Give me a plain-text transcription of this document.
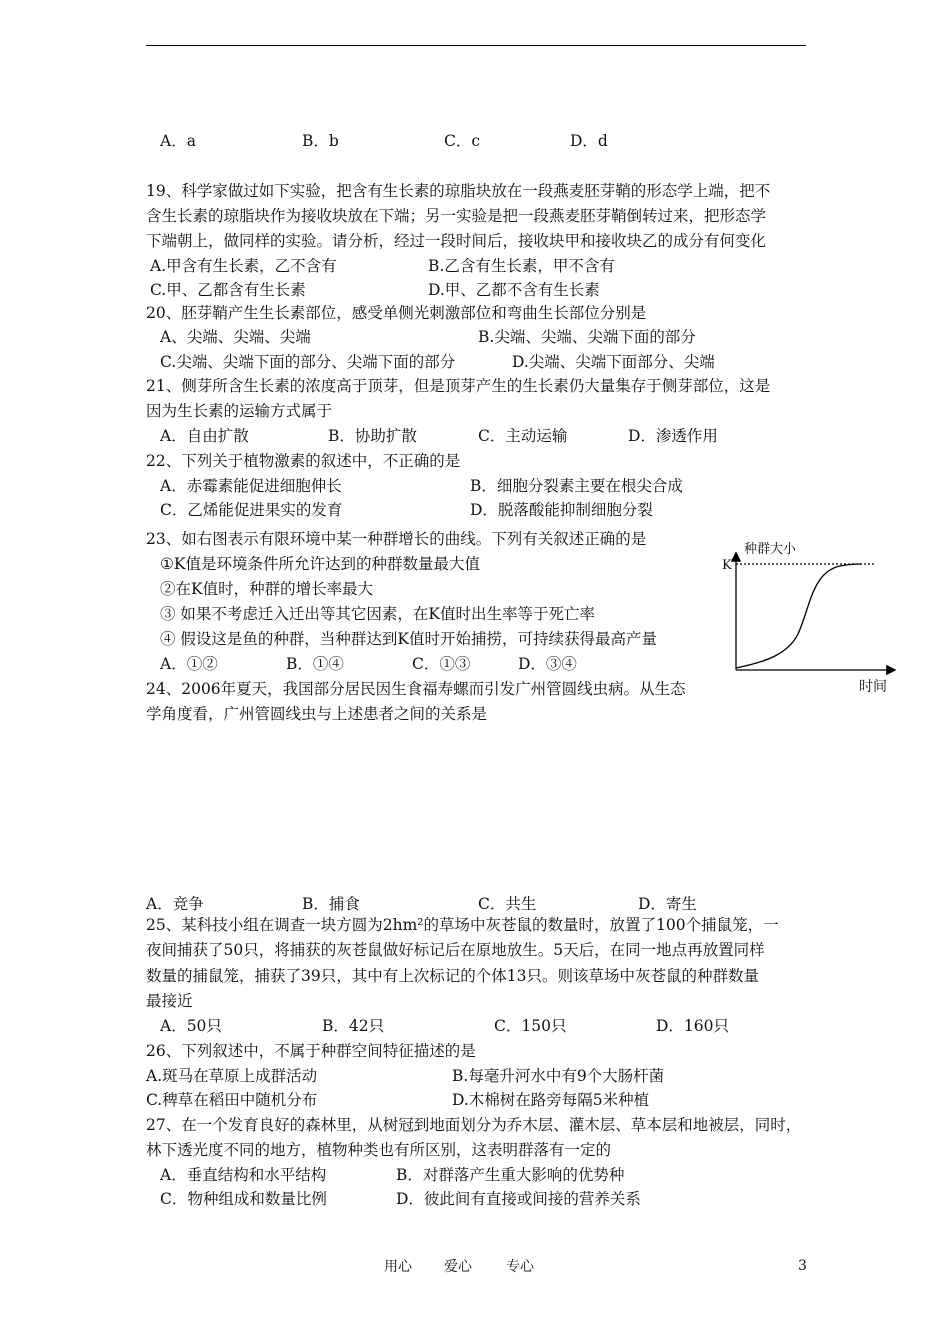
A．a	B．b	C．c	D．d
19、科学家做过如下实验，把含有生长素的琼脂块放在一段燕麦胚芽鞘的形态学上端，把不
含生长素的琼脂块作为接收块放在下端；另一实验是把一段燕麦胚芽鞘倒转过来，把形态学
下端朝上，做同样的实验。请分析，经过一段时间后，接收块甲和接收块乙的成分有何变化
A.甲含有生长素，乙不含有	B.乙含有生长素，甲不含有
C.甲、乙都含有生长素	D.甲、乙都不含有生长素
20、胚芽鞘产生生长素部位，感受单侧光刺激部位和弯曲生长部位分别是
A、尖端、尖端、尖端	B.尖端、尖端、尖端下面的部分
C.尖端、尖端下面的部分、尖端下面的部分	D.尖端、尖端下面部分、尖端
21、侧芽所含生长素的浓度高于顶芽，但是顶芽产生的生长素仍大量集存于侧芽部位，这是
因为生长素的运输方式属于
A．自由扩散	B．协助扩散	C．主动运输	D．渗透作用
22、下列关于植物激素的叙述中，不正确的是
A．赤霉素能促进细胞伸长	B．细胞分裂素主要在根尖合成
C．乙烯能促进果实的发育	D．脱落酸能抑制细胞分裂
23、如右图表示有限环境中某一种群增长的曲线。下列有关叙述正确的是
①K值是环境条件所允许达到的种群数量最大值
②在K值时，种群的增长率最大
③ 如果不考虑迁入迁出等其它因素，在K值时出生率等于死亡率
④ 假设这是鱼的种群，当种群达到K值时开始捕捞，可持续获得最高产量
A．①②	B．①④	C．①③	D．③④
种群大小
K
时间
24、2006年夏天，我国部分居民因生食福寿螺而引发广州管圆线虫病。从生态
学角度看，广州管圆线虫与上述患者之间的关系是
A．竞争	B．捕食	C．共生	D．寄生
25、某科技小组在调查一块方圆为2hm²的草场中灰苍鼠的数量时，放置了100个捕鼠笼，一
夜间捕获了50只，将捕获的灰苍鼠做好标记后在原地放生。5天后，在同一地点再放置同样
数量的捕鼠笼，捕获了39只，其中有上次标记的个体13只。则该草场中灰苍鼠的种群数量
最接近
A．50只	B．42只	C．150只	D．160只
26、下列叙述中，不属于种群空间特征描述的是
A.斑马在草原上成群活动	B.每毫升河水中有9个大肠杆菌
C.稗草在稻田中随机分布	D.木棉树在路旁每隔5米种植
27、在一个发育良好的森林里，从树冠到地面划分为乔木层、灌木层、草本层和地被层，同时，
林下透光度不同的地方，植物种类也有所区别，这表明群落有一定的
A．垂直结构和水平结构	B．对群落产生重大影响的优势种
C．物种组成和数量比例	D．彼此间有直接或间接的营养关系
用心 爱心 专心	3
